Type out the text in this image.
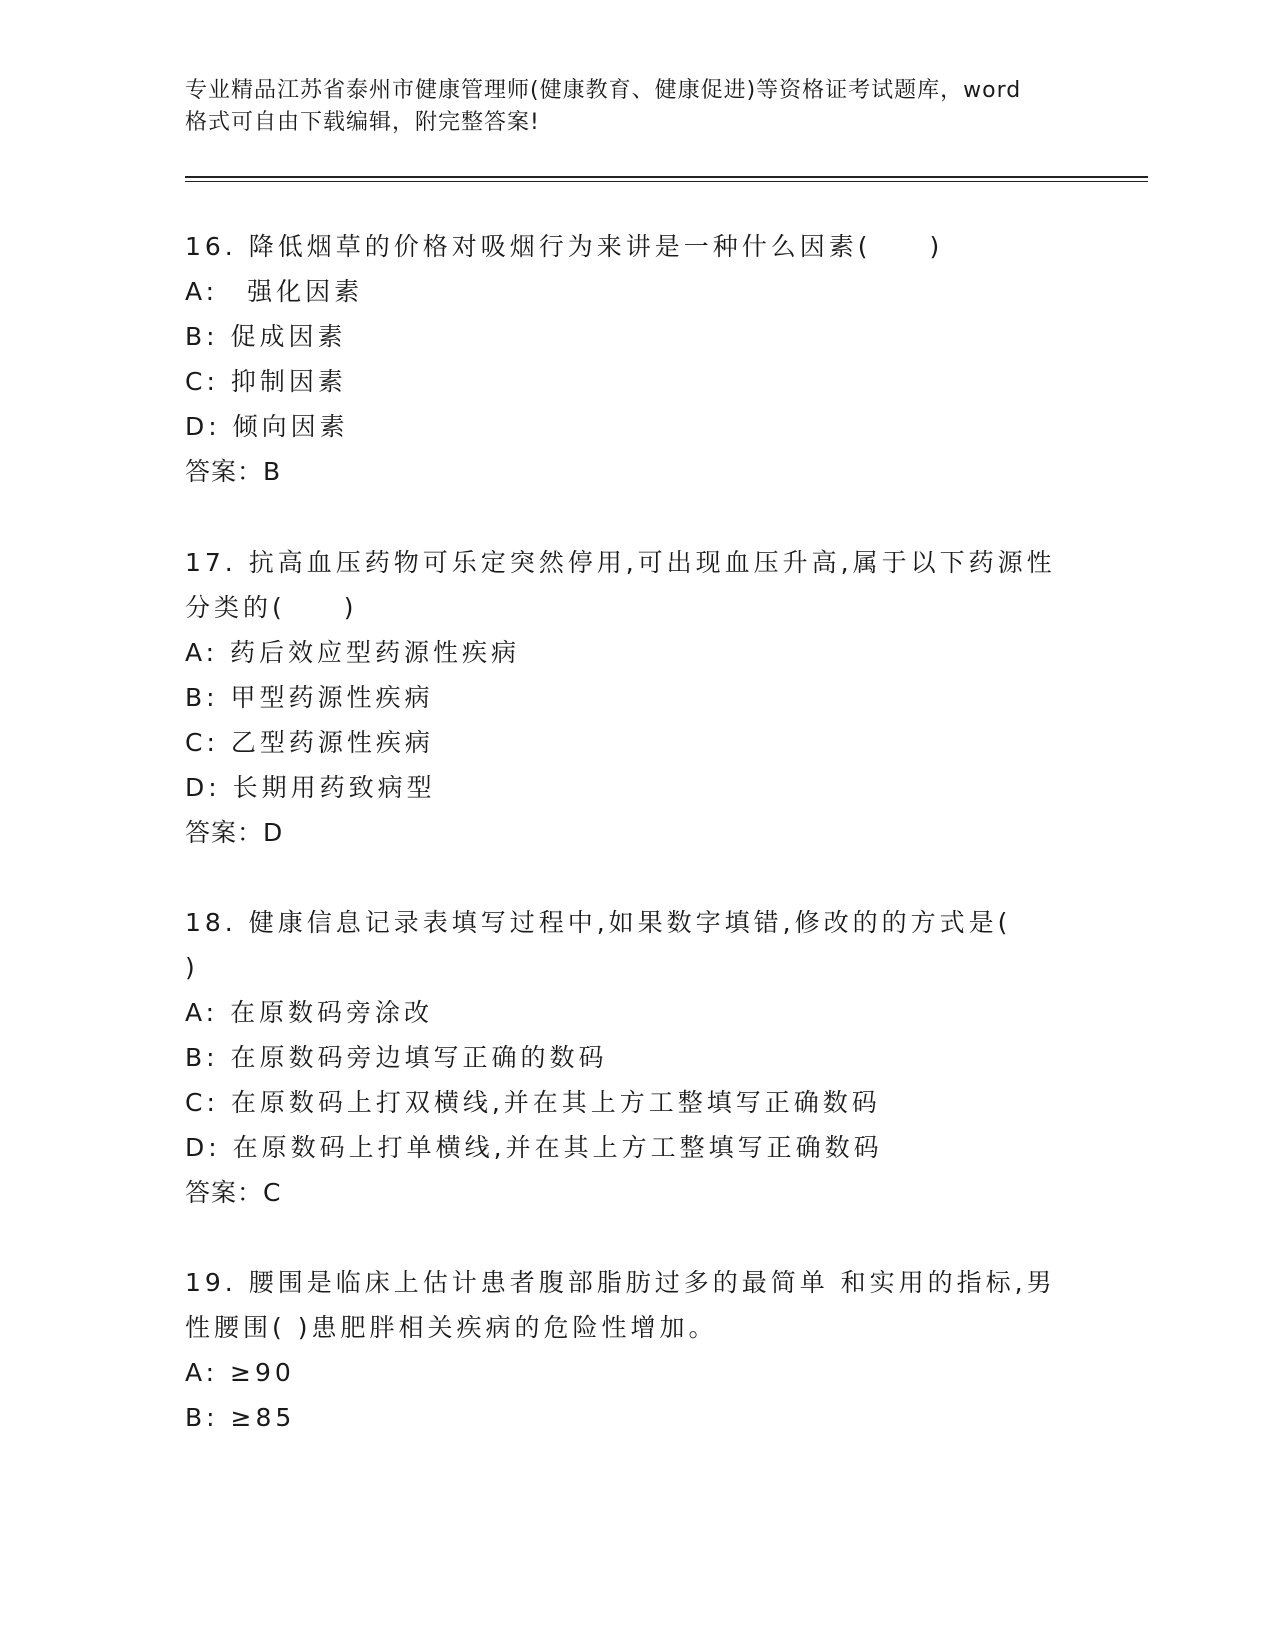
专业精品江苏省泰州市健康管理师(健康教育、健康促进)等资格证考试题库，word
格式可自由下载编辑，附完整答案!
16. 降低烟草的价格对吸烟行为来讲是一种什么因素(　　)
A:　强化因素
B: 促成因素
C: 抑制因素
D: 倾向因素
答案：B
17. 抗高血压药物可乐定突然停用,可出现血压升高,属于以下药源性
分类的(　　)
A: 药后效应型药源性疾病
B: 甲型药源性疾病
C: 乙型药源性疾病
D: 长期用药致病型
答案：D
18. 健康信息记录表填写过程中,如果数字填错,修改的的方式是(
)
A: 在原数码旁涂改
B: 在原数码旁边填写正确的数码
C: 在原数码上打双横线,并在其上方工整填写正确数码
D: 在原数码上打单横线,并在其上方工整填写正确数码
答案：C
19. 腰围是临床上估计患者腹部脂肪过多的最简单 和实用的指标,男
性腰围( )患肥胖相关疾病的危险性增加。
A: ≥90
B: ≥85
